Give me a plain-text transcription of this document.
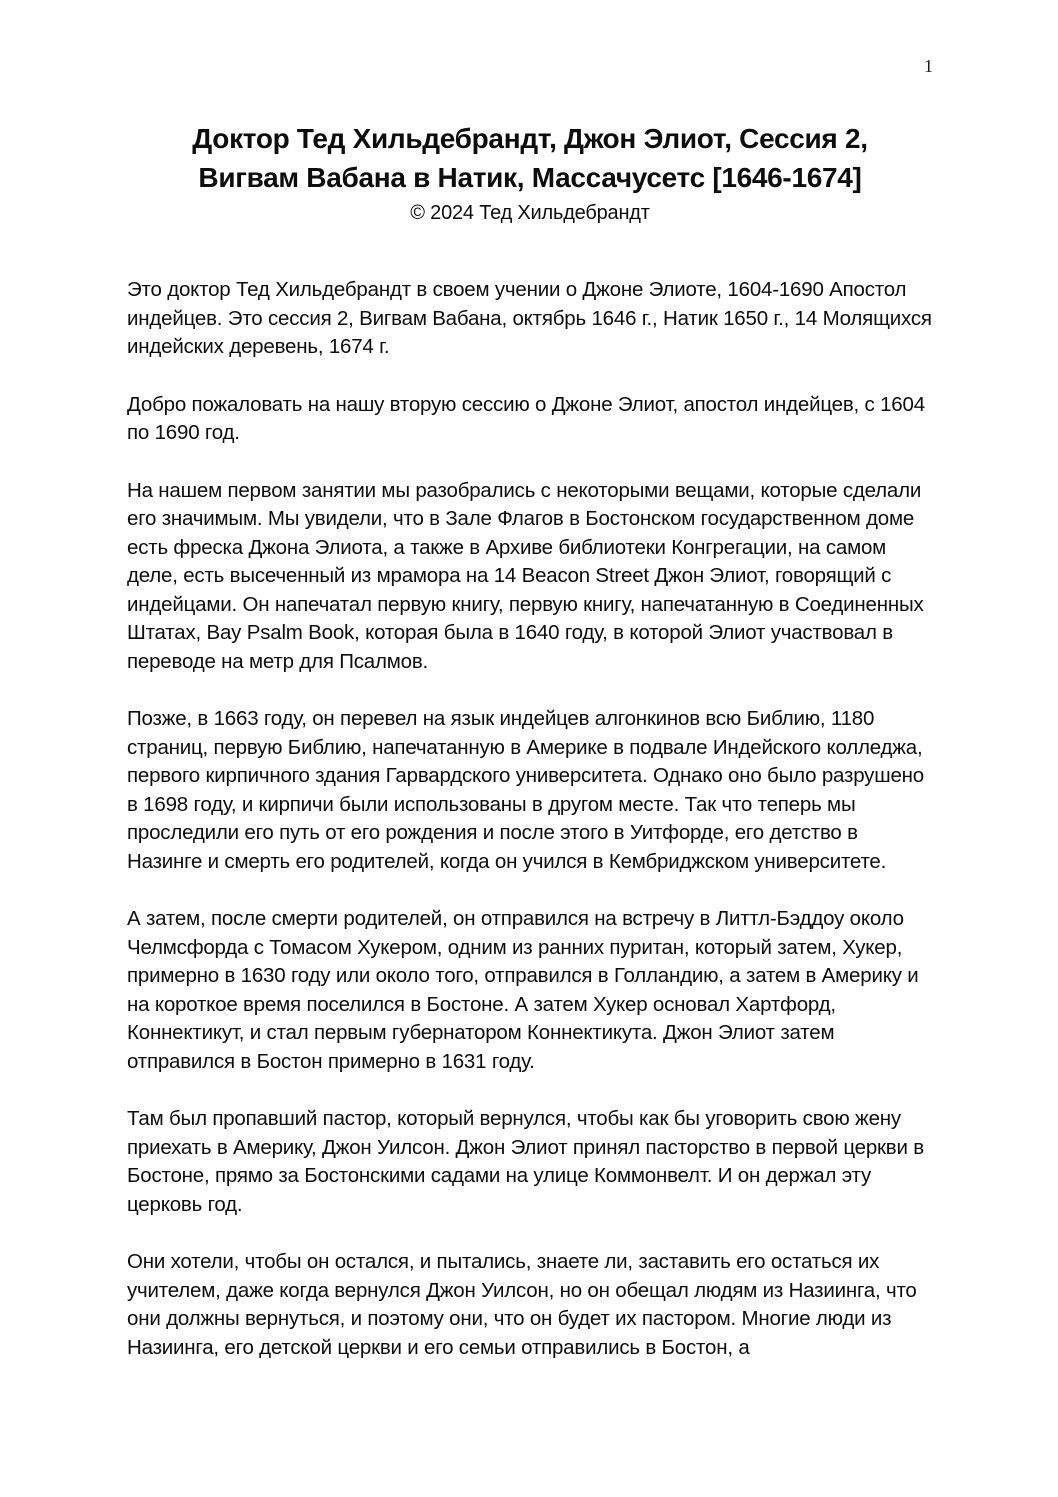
1
Доктор Тед Хильдебрандт, Джон Элиот, Сессия 2,
Вигвам Вабана в Натик, Массачусетс [1646-1674]
© 2024 Тед Хильдебрандт

Это доктор Тед Хильдебрандт в своем учении о Джоне Элиоте, 1604-1690 Апостол индейцев. Это сессия 2, Вигвам Вабана, октябрь 1646 г., Натик 1650 г., 14 Молящихся индейских деревень, 1674 г.

Добро пожаловать на нашу вторую сессию о Джоне Элиот, апостол индейцев, с 1604 по 1690 год.

На нашем первом занятии мы разобрались с некоторыми вещами, которые сделали его значимым. Мы увидели, что в Зале Флагов в Бостонском государственном доме есть фреска Джона Элиота, а также в Архиве библиотеки Конгрегации, на самом деле, есть высеченный из мрамора на 14 Beacon Street Джон Элиот, говорящий с индейцами. Он напечатал первую книгу, первую книгу, напечатанную в Соединенных Штатах, Bay Psalm Book, которая была в 1640 году, в которой Элиот участвовал в переводе на метр для Псалмов.

Позже, в 1663 году, он перевел на язык индейцев алгонкинов всю Библию, 1180 страниц, первую Библию, напечатанную в Америке в подвале Индейского колледжа, первого кирпичного здания Гарвардского университета. Однако оно было разрушено в 1698 году, и кирпичи были использованы в другом месте. Так что теперь мы проследили его путь от его рождения и после этого в Уитфорде, его детство в Назинге и смерть его родителей, когда он учился в Кембриджском университете.

А затем, после смерти родителей, он отправился на встречу в Литтл-Бэддоу около Челмсфорда с Томасом Хукером, одним из ранних пуритан, который затем, Хукер, примерно в 1630 году или около того, отправился в Голландию, а затем в Америку и на короткое время поселился в Бостоне. А затем Хукер основал Хартфорд, Коннектикут, и стал первым губернатором Коннектикута. Джон Элиот затем отправился в Бостон примерно в 1631 году.

Там был пропавший пастор, который вернулся, чтобы как бы уговорить свою жену приехать в Америку, Джон Уилсон. Джон Элиот принял пасторство в первой церкви в Бостоне, прямо за Бостонскими садами на улице Коммонвелт. И он держал эту церковь год.

Они хотели, чтобы он остался, и пытались, знаете ли, заставить его остаться их учителем, даже когда вернулся Джон Уилсон, но он обещал людям из Назиинга, что они должны вернуться, и поэтому они, что он будет их пастором. Многие люди из Назиинга, его детской церкви и его семьи отправились в Бостон, а
